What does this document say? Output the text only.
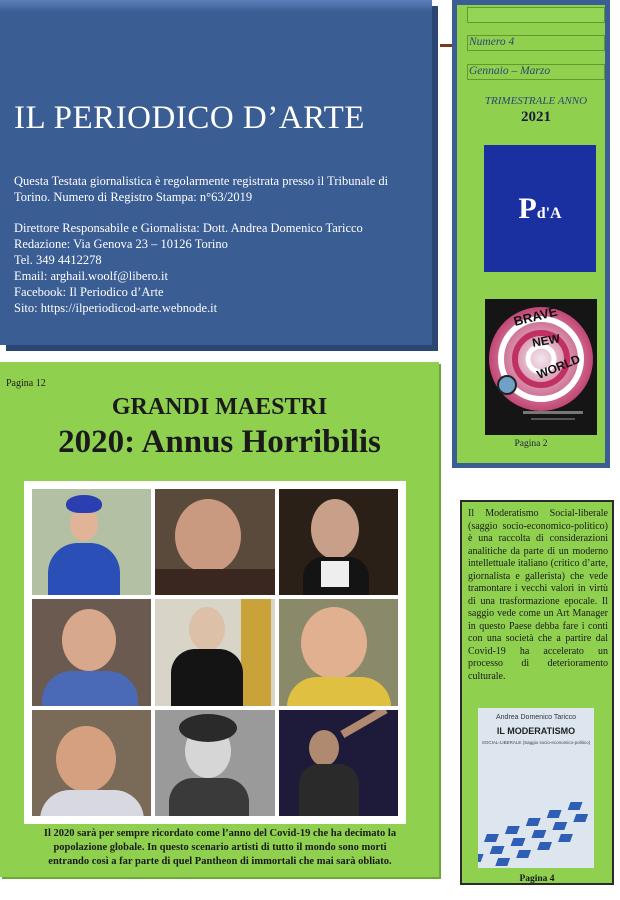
IL PERIODICO D’ARTE
Questa Testata giornalistica è regolarmente registrata presso il Tribunale di Torino. Numero di Registro Stampa: n°63/2019
Direttore Responsabile e Giornalista: Dott. Andrea Domenico Taricco
Redazione: Via Genova 23 – 10126 Torino
Tel. 349 4412278
Email: arghail.woolf@libero.it
Facebook: Il Periodico d’Arte
Sito: https://ilperiodicod-arte.webnode.it
Numero 4
Gennaio – Marzo
TRIMESTRALE ANNO
2021
Pd'A
BRAVE
NEW
WORLD
Pagina 2
Pagina 12
GRANDI MAESTRI
2020: Annus Horribilis
Il 2020 sarà per sempre ricordato come l’anno del Covid-19 che ha decimato la popolazione globale. In questo scenario artisti di tutto il mondo sono morti entrando così a far parte di quel Pantheon di immortali che mai sarà obliato.
Il Moderatismo Social-liberale (saggio socio-economico-politico) è una raccolta di considerazioni analitiche da parte di un moderno intellettuale italiano (critico d’arte, giornalista e gallerista) che vede tramontare i vecchi valori in virtù di una trasformazione epocale. Il saggio vede come un Art Manager in questo Paese debba fare i conti con una società che a partire dal Covid-19 ha accelerato un processo di deterioramento culturale.
Andrea Domenico Taricco
IL MODERATISMO
SOCIAL-LIBERALE (Saggio socio-economico-politico)
Pagina 4
